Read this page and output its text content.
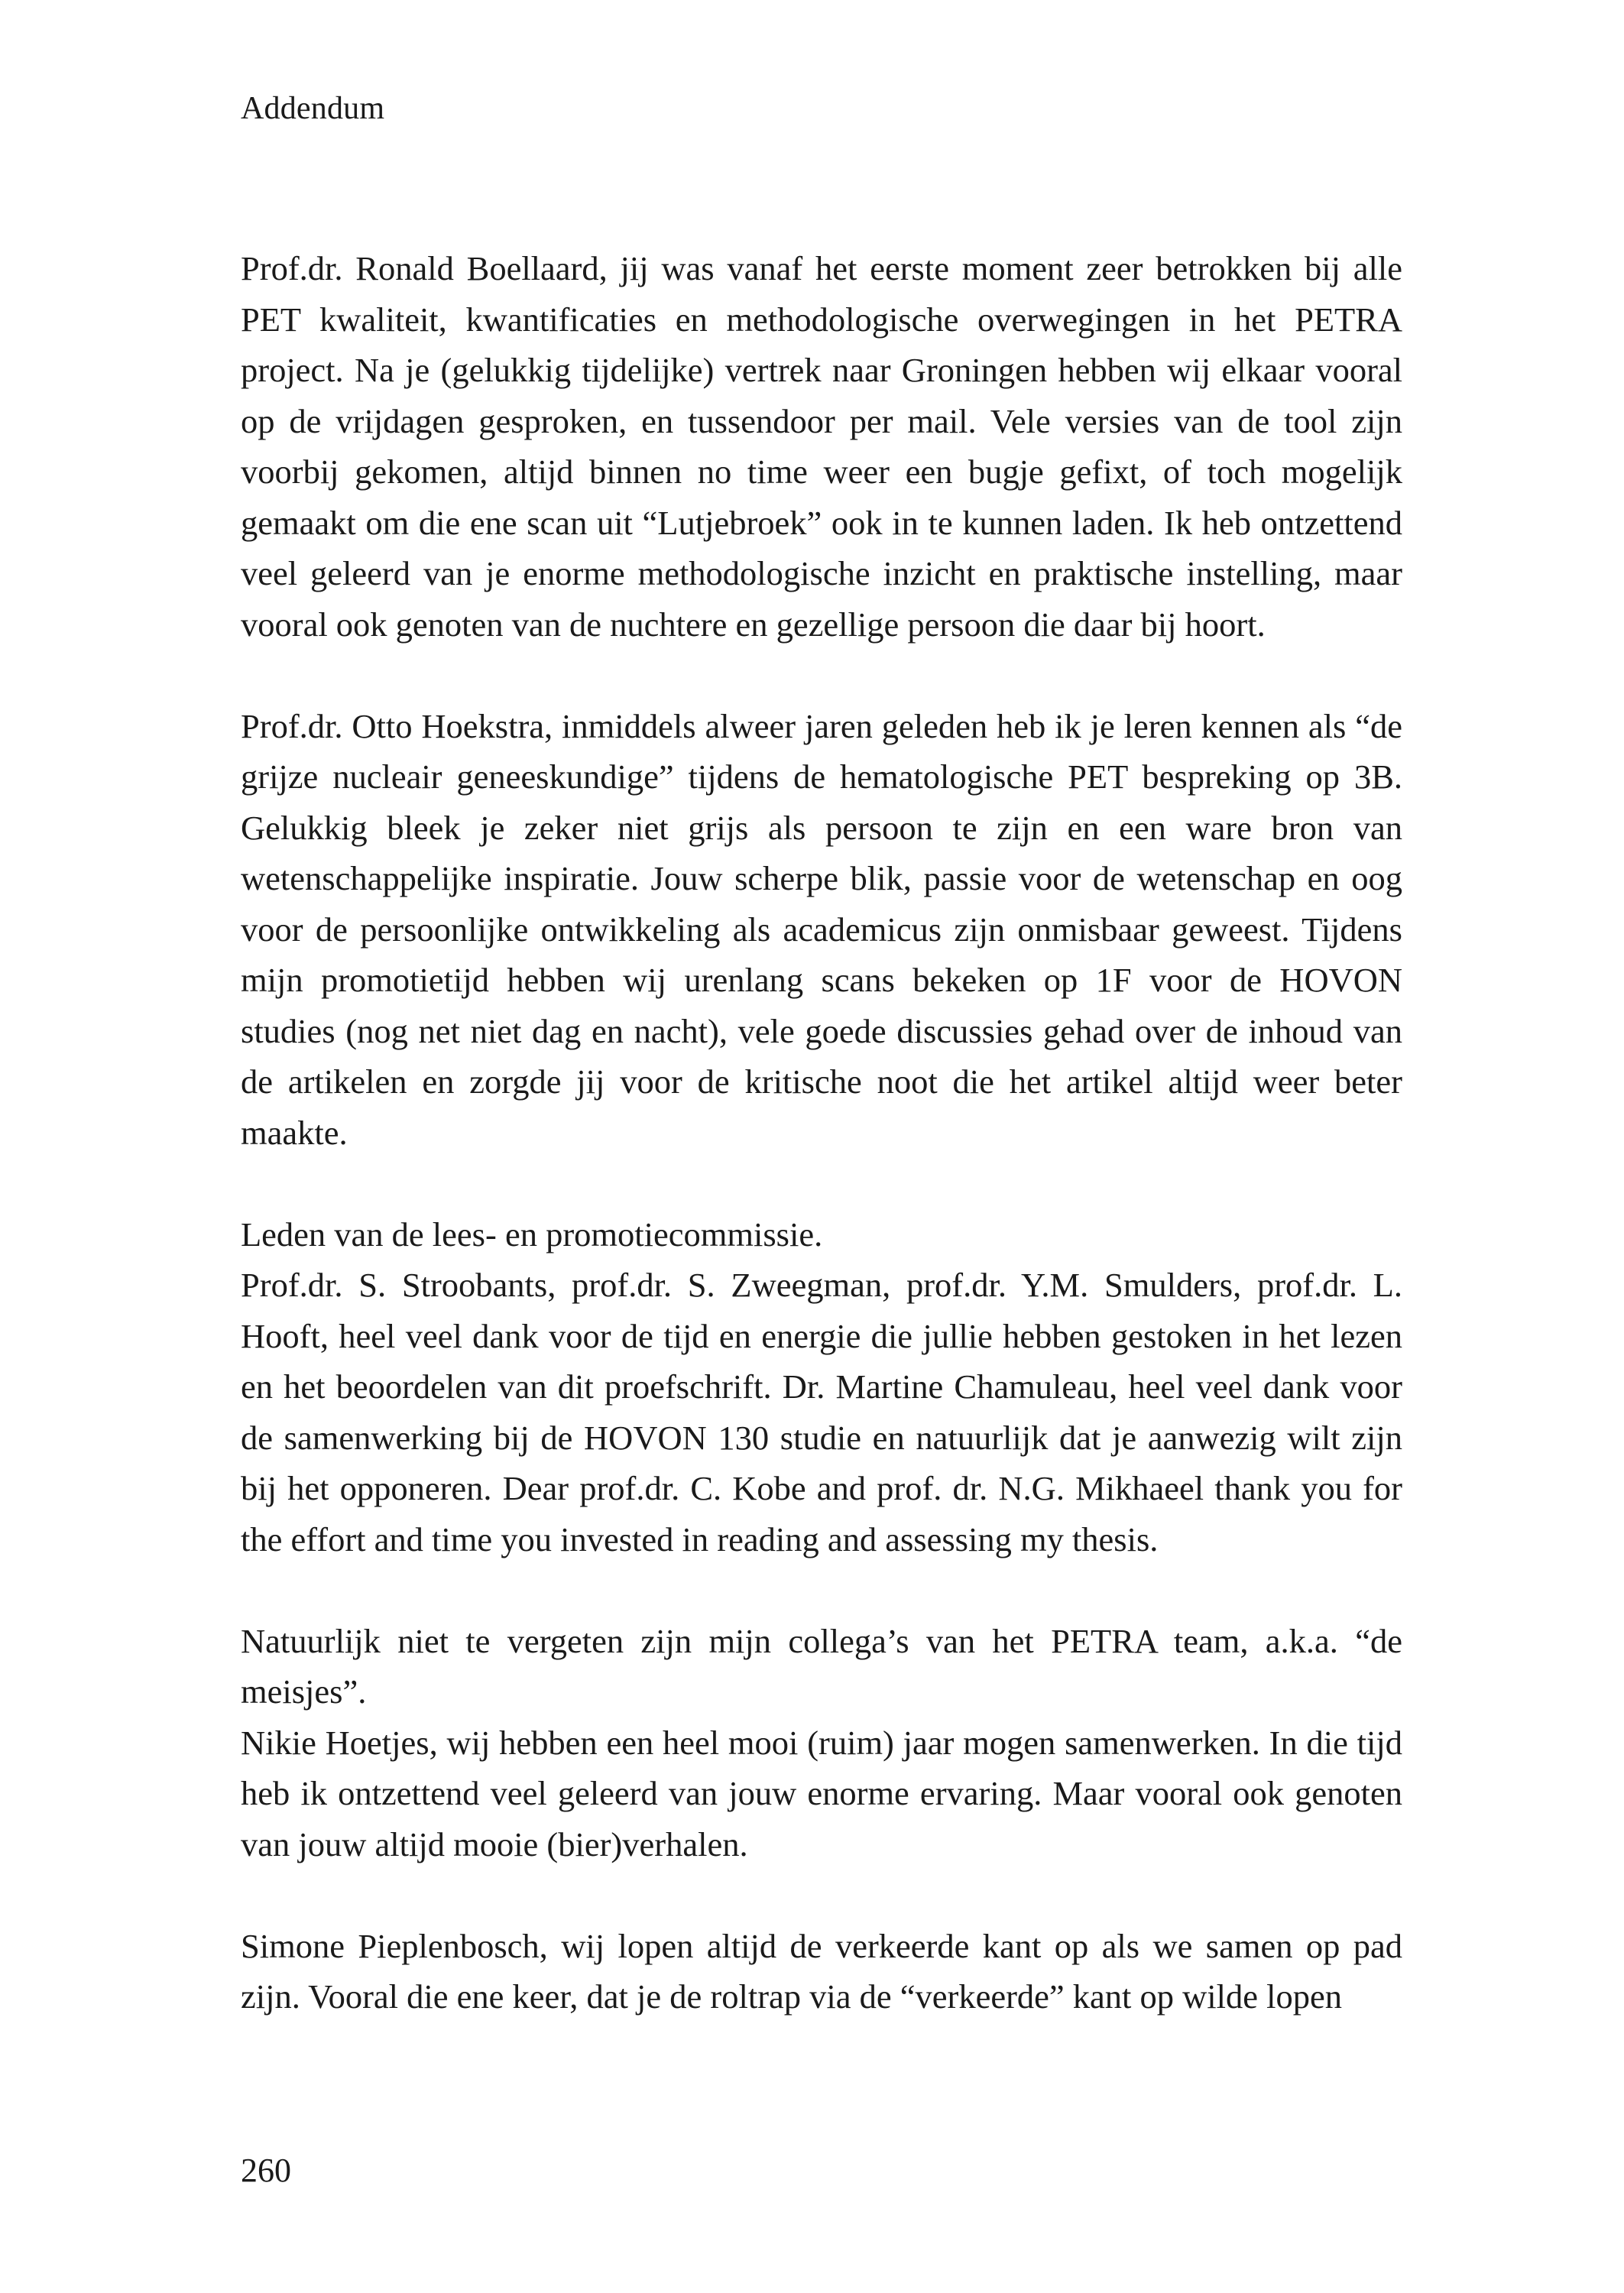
Addendum

Prof.dr. Ronald Boellaard, jij was vanaf het eerste moment zeer betrokken bij alle PET kwaliteit, kwantificaties en methodologische overwegingen in het PETRA project. Na je (gelukkig tijdelijke) vertrek naar Groningen hebben wij elkaar vooral op de vrijdagen gesproken, en tussendoor per mail. Vele versies van de tool zijn voorbij gekomen, altijd binnen no time weer een bugje gefixt, of toch mogelijk gemaakt om die ene scan uit “Lutjebroek” ook in te kunnen laden. Ik heb ontzettend veel geleerd van je enorme methodologische inzicht en praktische instelling, maar vooral ook genoten van de nuchtere en gezellige persoon die daar bij hoort.

Prof.dr. Otto Hoekstra, inmiddels alweer jaren geleden heb ik je leren kennen als “de grijze nucleair geneeskundige” tijdens de hematologische PET bespreking op 3B. Gelukkig bleek je zeker niet grijs als persoon te zijn en een ware bron van wetenschappelijke inspiratie. Jouw scherpe blik, passie voor de wetenschap en oog voor de persoonlijke ontwikkeling als academicus zijn onmisbaar geweest. Tijdens mijn promotietijd hebben wij urenlang scans bekeken op 1F voor de HOVON studies (nog net niet dag en nacht), vele goede discussies gehad over de inhoud van de artikelen en zorgde jij voor de kritische noot die het artikel altijd weer beter maakte.

Leden van de lees- en promotiecommissie.

Prof.dr. S. Stroobants, prof.dr. S. Zweegman, prof.dr. Y.M. Smulders, prof.dr. L. Hooft, heel veel dank voor de tijd en energie die jullie hebben gestoken in het lezen en het beoordelen van dit proefschrift. Dr. Martine Chamuleau, heel veel dank voor de samenwerking bij de HOVON 130 studie en natuurlijk dat je aanwezig wilt zijn bij het opponeren. Dear prof.dr. C. Kobe and prof. dr. N.G. Mikhaeel thank you for the effort and time you invested in reading and assessing my thesis.

Natuurlijk niet te vergeten zijn mijn collega’s van het PETRA team, a.k.a. “de meisjes”.

Nikie Hoetjes, wij hebben een heel mooi (ruim) jaar mogen samenwerken. In die tijd heb ik ontzettend veel geleerd van jouw enorme ervaring. Maar vooral ook genoten van jouw altijd mooie (bier)verhalen.

Simone Pieplenbosch, wij lopen altijd de verkeerde kant op als we samen op pad zijn. Vooral die ene keer, dat je de roltrap via de “verkeerde” kant op wilde lopen

260
